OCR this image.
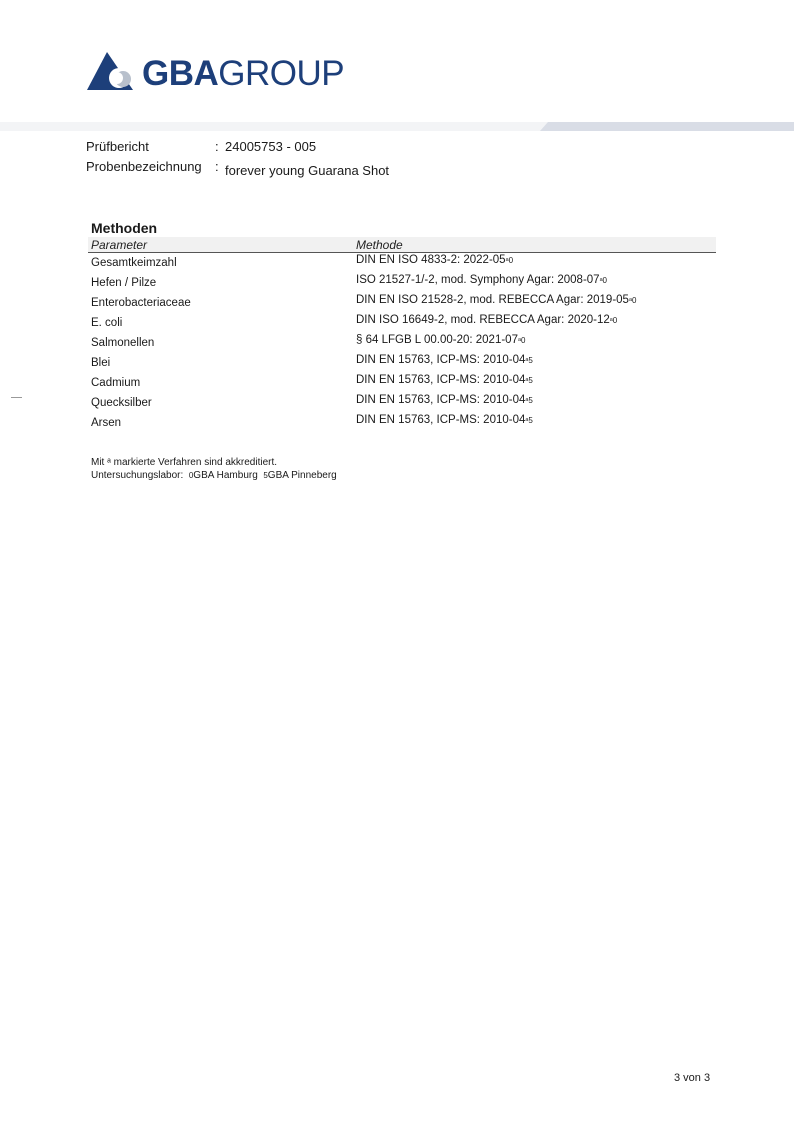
GBAGROUP
Prüfbericht	: 24005753 - 005
Probenbezeichnung : forever young Guarana Shot
Methoden
Parameter	Methode
Gesamtkeimzahl	DIN EN ISO 4833-2: 2022-05ᵃ0
Hefen / Pilze	ISO 21527-1/-2, mod. Symphony Agar: 2008-07ᵃ0
Enterobacteriaceae	DIN EN ISO 21528-2, mod. REBECCA Agar: 2019-05ᵃ0
E. coli	DIN ISO 16649-2, mod. REBECCA Agar: 2020-12ᵃ0
Salmonellen	§ 64 LFGB L 00.00-20: 2021-07ᵃ0
Blei	DIN EN 15763, ICP-MS: 2010-04ᵃ5
Cadmium	DIN EN 15763, ICP-MS: 2010-04ᵃ5
Quecksilber	DIN EN 15763, ICP-MS: 2010-04ᵃ5
Arsen	DIN EN 15763, ICP-MS: 2010-04ᵃ5
Mit ᵃ markierte Verfahren sind akkreditiert.
Untersuchungslabor: 0GBA Hamburg 5GBA Pinneberg
3 von 3
